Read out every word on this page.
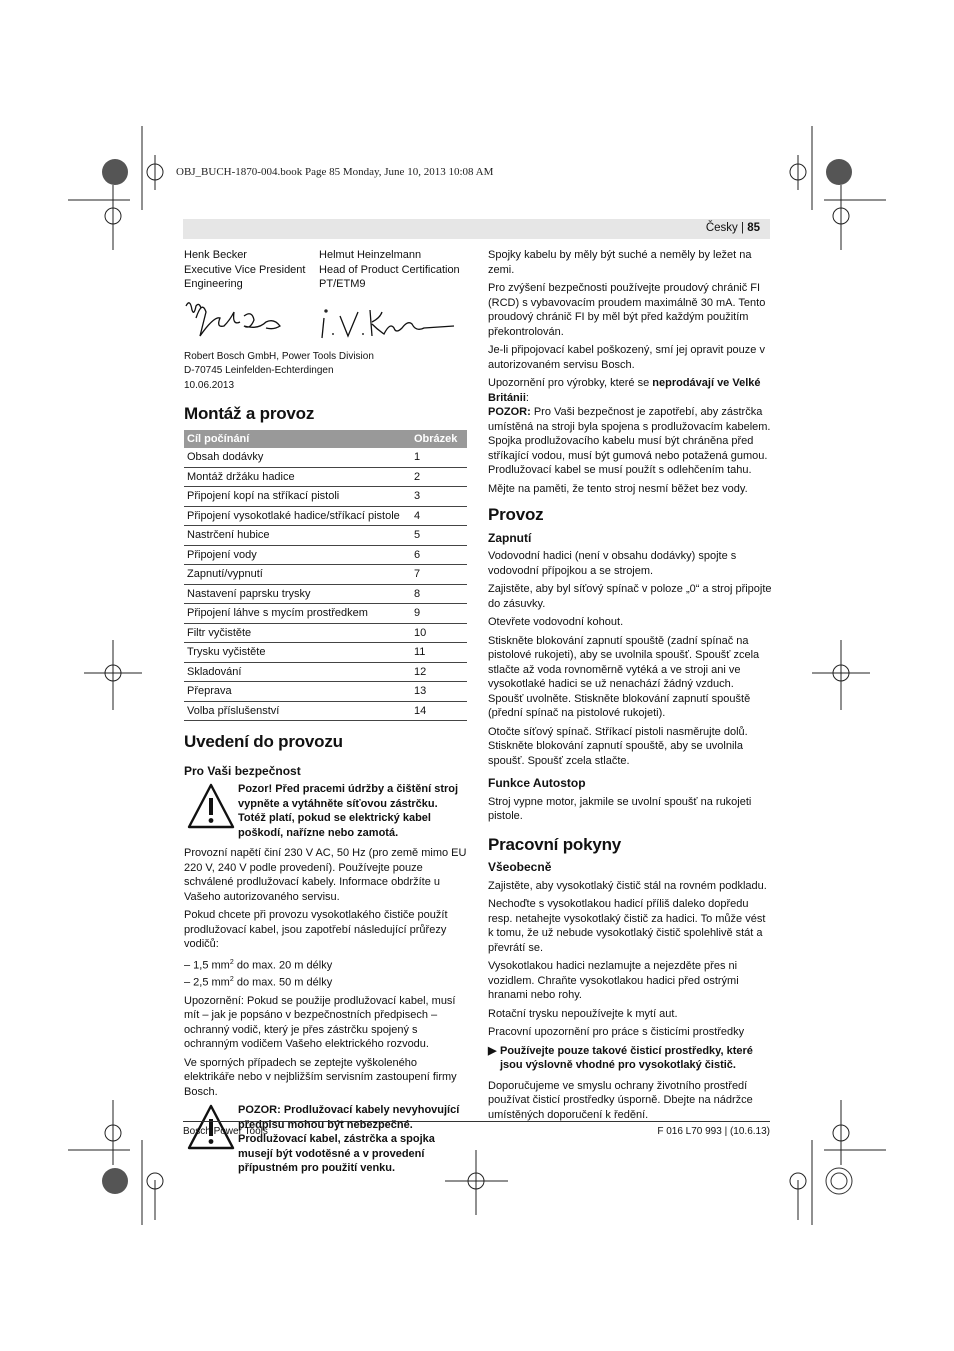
OBJ_BUCH-1870-004.book Page 85 Monday, June 10, 2013 10:08 AM
Česky | 85
Henk Becker
Executive Vice President
Engineering
Helmut Heinzelmann
Head of Product Certification
PT/ETM9
Robert Bosch GmbH, Power Tools Division
D-70745 Leinfelden-Echterdingen
10.06.2013
Montáž a provoz
Cíl počínání	Obrázek
Obsah dodávky	1
Montáž držáku hadice	2
Připojení kopí na stříkací pistoli	3
Připojení vysokotlaké hadice/stříkací pistole	4
Nastrčení hubice	5
Připojení vody	6
Zapnutí/vypnutí	7
Nastavení paprsku trysky	8
Připojení láhve s mycím prostředkem	9
Filtr vyčistěte	10
Trysku vyčistěte	11
Skladování	12
Přeprava	13
Volba příslušenství	14
Uvedení do provozu
Pro Vaši bezpečnost
Pozor! Před pracemi údržby a čištění stroj vypněte a vytáhněte síťovou zástrčku. Totéž platí, pokud se elektrický kabel poškodí, nařízne nebo zamotá.

Provozní napětí činí 230 V AC, 50 Hz (pro země mimo EU 220 V, 240 V podle provedení). Používejte pouze schválené prodlužovací kabely. Informace obdržíte u Vašeho autorizovaného servisu.

Pokud chcete při provozu vysokotlakého čističe použít prodlužovací kabel, jsou zapotřebí následující průřezy vodičů:

– 1,5 $mm^2$ do max. 20 m délky

– 2,5 $mm^2$ do max. 50 m délky

Upozornění: Pokud se použije prodlužovací kabel, musí mít – jak je popsáno v bezpečnostních předpisech – ochranný vodič, který je přes zástrčku spojený s ochranným vodičem Vašeho elektrického rozvodu.

Ve sporných případech se zeptejte vyškoleného elektrikáře nebo v nejbližším servisním zastoupení firmy Bosch.

POZOR: Prodlužovací kabely nevyhovující předpisu mohou být nebezpečné. Prodlužovací kabel, zástrčka a spojka musejí být vodotěsné a v provedení přípustném pro použití venku.

Spojky kabelu by měly být suché a neměly by ležet na zemi.

Pro zvýšení bezpečnosti používejte proudový chránič FI (RCD) s vybavovacím proudem maximálně 30 mA. Tento proudový chránič FI by měl být před každým použitím překontrolován.

Je-li připojovací kabel poškozený, smí jej opravit pouze v autorizovaném servisu Bosch.

Upozornění pro výrobky, které se neprodávají ve Velké Británii:

POZOR: Pro Vaši bezpečnost je zapotřebí, aby zástrčka umístěná na stroji byla spojena s prodlužovacím kabelem. Spojka prodlužovacího kabelu musí být chráněna před stříkající vodou, musí být gumová nebo potažená gumou. Prodlužovací kabel se musí použít s odlehčením tahu.

Mějte na paměti, že tento stroj nesmí běžet bez vody.

Provoz
Zapnutí

Vodovodní hadici (není v obsahu dodávky) spojte s vodovodní přípojkou a se strojem.

Zajistěte, aby byl síťový spínač v poloze „0“ a stroj připojte do zásuvky.

Otevřete vodovodní kohout.

Stiskněte blokování zapnutí spouště (zadní spínač na pistolové rukojeti), aby se uvolnila spoušť. Spoušť zcela stlačte až voda rovnoměrně vytéká a ve stroji ani ve vysokotlaké hadici se už nenachází žádný vzduch. Spoušť uvolněte. Stiskněte blokování zapnutí spouště (přední spínač na pistolové rukojeti).

Otočte síťový spínač. Stříkací pistoli nasměrujte dolů. Stiskněte blokování zapnutí spouště, aby se uvolnila spoušť. Spoušť zcela stlačte.

Funkce Autostop

Stroj vypne motor, jakmile se uvolní spoušť na rukojeti pistole.

Pracovní pokyny
Všeobecně

Zajistěte, aby vysokotlaký čistič stál na rovném podkladu.

Nechoďte s vysokotlakou hadicí příliš daleko dopředu resp. netahejte vysokotlaký čistič za hadici. To může vést k tomu, že už nebude vysokotlaký čistič spolehlivě stát a převrátí se.

Vysokotlakou hadici nezlamujte a nejezděte přes ni vozidlem. Chraňte vysokotlakou hadici před ostrými hranami nebo rohy.

Rotační trysku nepoužívejte k mytí aut.

Pracovní upozornění pro práce s čisticími prostředky

▶ Používejte pouze takové čisticí prostředky, které jsou výslovně vhodné pro vysokotlaký čistič.

Doporučujeme ve smyslu ochrany životního prostředí používat čisticí prostředky úsporně. Dbejte na nádržce umístěných doporučení k ředění.

Bosch Power Tools	F 016 L70 993 | (10.6.13)
